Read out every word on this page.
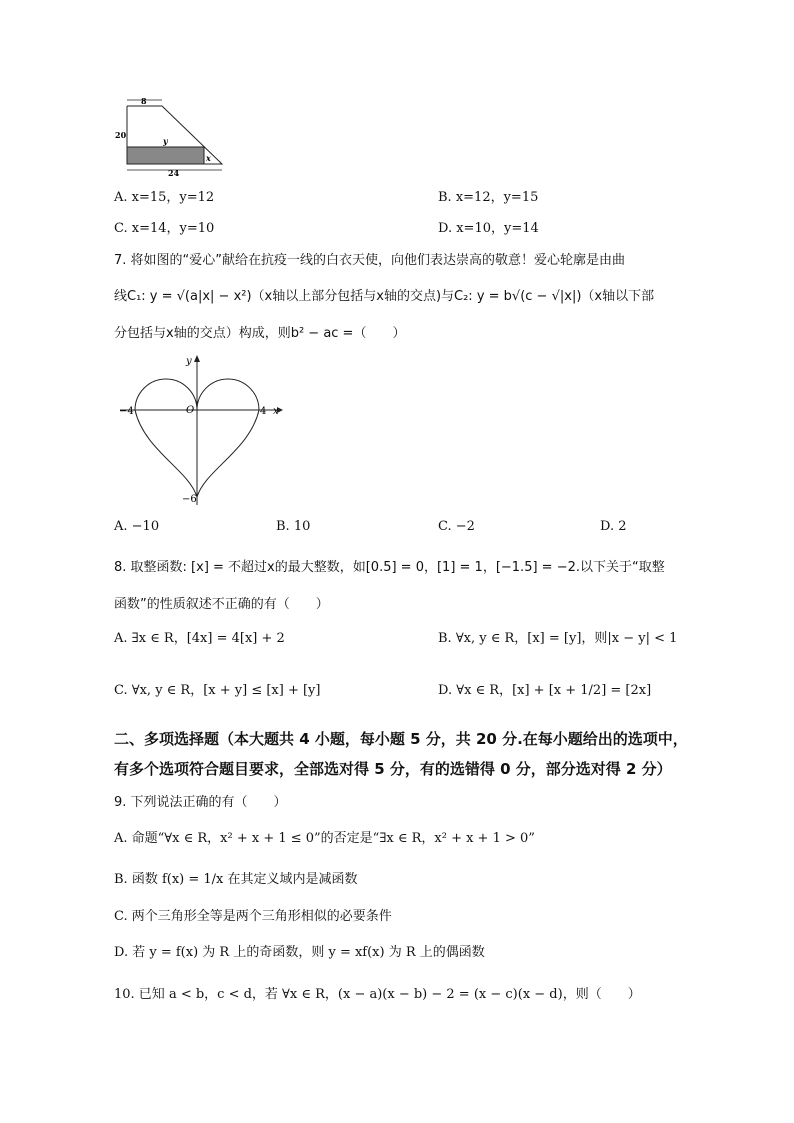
8
20
24
y
x
A. x=15，y=12	B. x=12，y=15
C. x=14，y=10	D. x=10，y=14
7. 将如图的“爱心”献给在抗疫一线的白衣天使，向他们表达崇高的敬意！爱心轮廓是由曲
线C₁: y = √(a|x| − x²)（x轴以上部分包括与x轴的交点)与C₂: y = b√(c − √|x|)（x轴以下部
分包括与x轴的交点）构成，则b² − ac =（　　）
−4	4
−6
O	x
y
A. −10	B. 10	C. −2	D. 2
8. 取整函数: [x] = 不超过x的最大整数，如[0.5] = 0，[1] = 1，[−1.5] = −2.以下关于“取整
函数”的性质叙述不正确的有（　　）
A. ∃x ∈ R，[4x] = 4[x] + 2	B. ∀x, y ∈ R，[x] = [y]，则|x − y| < 1
C. ∀x, y ∈ R，[x + y] ≤ [x] + [y]	D. ∀x ∈ R，[x] + [x + 1/2] = [2x]
二、多项选择题（本大题共 4 小题，每小题 5 分，共 20 分.在每小题给出的选项中，
有多个选项符合题目要求，全部选对得 5 分，有的选错得 0 分，部分选对得 2 分）
9. 下列说法正确的有（　　）
A. 命题“∀x ∈ R，x² + x + 1 ≤ 0”的否定是“∃x ∈ R，x² + x + 1 > 0”
B. 函数 f(x) = 1/x 在其定义域内是减函数
C. 两个三角形全等是两个三角形相似的必要条件
D. 若 y = f(x) 为 R 上的奇函数，则 y = xf(x) 为 R 上的偶函数
10. 已知 a < b，c < d，若 ∀x ∈ R，(x − a)(x − b) − 2 = (x − c)(x − d)，则（　　）
